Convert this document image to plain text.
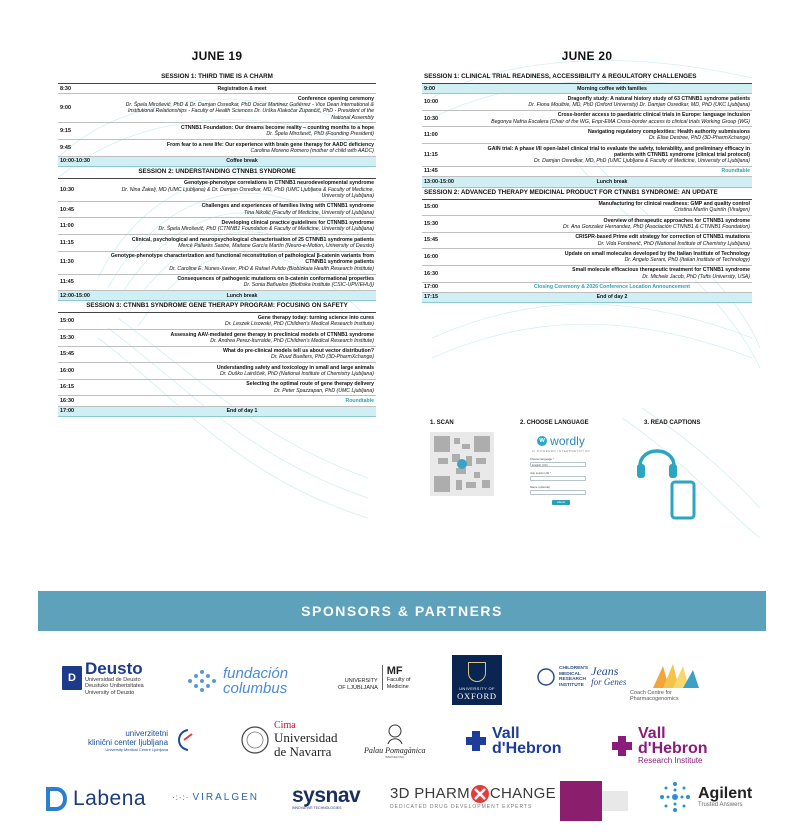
JUNE 19
SESSION 1: THIRD TIME IS A CHARM
8:30	Registration & meet
9:00
Conference opening ceremony
Dr. Špela Miroševič, PhD & Dr. Damjan Osredkar, PhD Oscar Martinez Gutiérrez - Vice Dean International & Institutional Relationships - Faculty of Health Sciences Dr. Urška Klakočar Zupančič, PhD - President of the National Assembly
9:15
CTNNB1 Foundation: Our dreams become reality – counting months to a hope
Dr. Špela Miroševič, PhD (Founding President)
9:45
From fear to a new life: Our experience with brain gene therapy for AADC deficiency
Carolina Moreno Romero (mother of child with AADC)
10:00-10:30	Coffee break
SESSION 2: UNDERSTANDING CTNNB1 SYNDROME
10:30
Genotype-phenotype correlations in CTNNB1 neurodevelopmental syndrome
Dr. Nina Žakelj, MD (UMC Ljubljana) & Dr. Damjan Osredkar, MD, PhD (UMC Ljubljana & Faculty of Medicine, University of Ljubljana)
10:45
Challenges and experiences of families living with CTNNB1 syndrome
Tina Nikolić (Faculty of Medicine, University of Ljubljana)
11:00
Developing clinical practice guidelines for CTNNB1 syndrome
Dr. Špela Miroševič, PhD (CTNNB1 Foundation & Faculty of Medicine, University of Ljubljana)
11:15
Clinical, psychological and neuropsychological characterisation of 25 CTNNB1 syndrome patients
Mercè Pallarès Sastre, Maitane García Martín (Neuro-e-Motion, University of Deusto)
11:30
Genotype-phenotype characterization and functional reconstitution of pathological β-catenin variants from CTNNB1 syndrome patients
Dr. Caroline E. Nunes-Xavier, PhD & Rafael Pulido (Biobizkaia Health Research Institute)
11:45
Consequences of pathogenic mutations on b-catenin conformational properties
Dr. Sonia Bañuelos (Biofisika Institute (CSIC-UPV/EHU))
12:00-15:00	Lunch break
SESSION 3: CTNNB1 SYNDROME GENE THERAPY PROGRAM: FOCUSING ON SAFETY
15:00
Gene therapy today: turning science into cures
Dr. Leszek Lisowski, PhD (Children's Medical Research Institute)
15:30
Assessing AAV-mediated gene therapy in preclinical models of CTNNB1 syndrome
Dr. Andrea Perez-Iturralde, PhD (Children's Medical Research Institute)
15:45
What do pre-clinical models tell us about vector distribution?
Dr. Ruud Buelters, PhD (3D-PharmXchange)
16:00
Understanding safety and toxicology in small and large animals
Dr. Duško Lainšček, PhD (National Institute of Chemistry Ljubljana)
16:15
Selecting the optimal route of gene therapy delivery
Dr. Peter Spazzapan, PhD (UMC Ljubljana)
16:30	Roundtable
17:00	End of day 1
JUNE 20
SESSION 1: CLINICAL TRIAL READINESS, ACCESSIBILITY & REGULATORY CHALLENGES
9:00	Morning coffee with families
10:00
Dragonfly study: A natural history study of 63 CTNNB1 syndrome patients
Dr. Fiona Moultrie, MD, PhD (Oxford University) Dr. Damjan Osredkar, MD, PhD (UKC Ljubljana)
10:30
Cross-border access to paediatric clinical trials in Europe: language inclusion
Begonya Nafria Escalera (Chair of the WG, Enpr-EMA Cross-border access to clinical trials Working Group (WG)
11:00
Navigating regulatory complexities: Health authority submissions
Dr. Elise Destree, PhD (3D-PharmXchange)
11:15
GAIN trial: A phase I/II open-label clinical trial to evaluate the safety, tolerability, and preliminary efficacy in patients with CTNNB1 syndrome (clinical trial protocol)
Dr. Damjan Osredkar, MD, PhD (UMC Ljubljana & Faculty of Medicine, University of Ljubljana)
11:45	Roundtable
13:00-15:00	Lunch break
SESSION 2: ADVANCED THERAPY MEDICINAL PRODUCT FOR CTNNB1 SYNDROME: AN UPDATE
15:00
Manufacturing for clinical readiness: GMP and quality control
Cristina Martín Quintín (Viralgen)
15:30
Overview of therapeutic approaches for CTNNB1 syndrome
Dr. Ana Gonzalez Hernandez, PhD (Asociación CTNNB1 & CTNNB1 Foundation)
15:45
CRISPR-based Prime edit strategy for correction of CTNNB1 mutations
Dr. Vida Forstnerič, PhD (National Institute of Chemistry Ljubljana)
16:00
Update on small molecules developed by the Italian Institute of Technology
Dr. Angelo Serani, PhD (Italian Institute of Technology)
16:30
Small molecule efficacious therapeutic treatment for CTNNB1 syndrome
Dr. Michele Jacob, PhD (Tufts University, USA)
17:00	Closing Ceremony & 2026 Conference Location Announcement
17:15	End of day 2
1. SCAN	2. CHOOSE LANGUAGE	3. READ CAPTIONS
w wordly
AI-POWERED INTERPRETATION
Choose language *
English (US)
Join session ID *
Name (optional)
Attend
SPONSORS & PARTNERS
D Deusto
Universidad de Deusto
Deustuko Unibertsitatea
University of Deusto
fundación
columbus	UNIVERSITY
OF LJUBLJANA
MF
Faculty of
Medicine	UNIVERSITY OF
OXFORD
CHILDREN'S
MEDICAL
RESEARCH
INSTITUTE
Jeans
for Genes
Coach Centre for Pharmacogenomics
univerzitetni
klinični center ljubljana
University Medical Centre Ljubljana
Cima
Universidad
de Navarra	Palau Pomagànica
BARCELONA
Vall
d'Hebron
Vall
d'Hebron
Research Institute
Labena	·:·:· VIRALGEN sysnav
INNOVATIVE TECHNOLOGIES
3D PHARM CHANGE
DEDICATED DRUG DEVELOPMENT EXPERTS
Agilent
Trusted Answers
